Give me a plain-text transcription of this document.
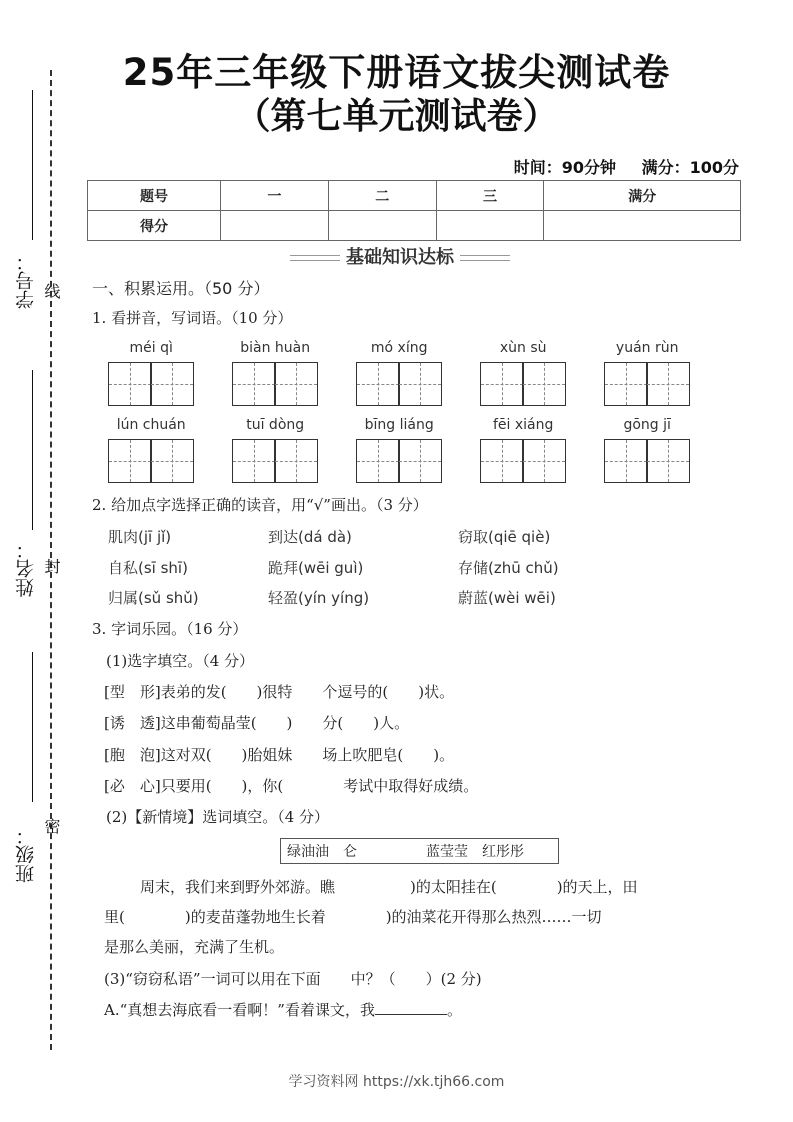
25年三年级下册语文拔尖测试卷
（第七单元测试卷）
时间：90分钟 满分：100分
题号	一	二	三	满分
得分				
学号： 线
姓名： 封
班级： 密
基础知识达标
一、积累运用。（50 分）
1. 看拼音，写词语。（10 分）
méi qì	biàn huàn	mó xíng	xùn sù	yuán rùn
lún chuán	tuī dòng	bīng liáng	fēi xiáng	gōng jī
2. 给加点字选择正确的读音，用“√”画出。（3 分）
肌肉(jī jǐ)	到达(dá dà)	窃取(qiē qiè)
自私(sī shī)	跪拜(wēi guì)	存储(zhū chǔ)
归属(sǔ shǔ)	轻盈(yín yíng)	蔚蓝(wèi wēi)
3. 字词乐园。（16 分）
(1)选字填空。（4 分）
[型　形]表弟的发(　　)很特　　个逗号的(　　)状。
[诱　透]这串葡萄晶莹(　　)　　分(　　)人。
[胞　泡]这对双(　　)胎姐妹　　场上吹肥皂(　　)。
[必　心]只要用(　　)，你(　　　　考试中取得好成绩。
(2)【新情境】选词填空。（4 分）
绿油油　仑	蓝莹莹　红彤彤
周末，我们来到野外郊游。瞧　　　　　)的太阳挂在(　　　　)的天上，田
里(　　　　)的麦苗蓬勃地生长着　　　　)的油菜花开得那么热烈……一切
是那么美丽，充满了生机。
(3)“窃窃私语”一词可以用在下面　　中？（　　）(2 分)
A.“真想去海底看一看啊！”看着课文，我	。
学习资料网 https://xk.tjh66.com
